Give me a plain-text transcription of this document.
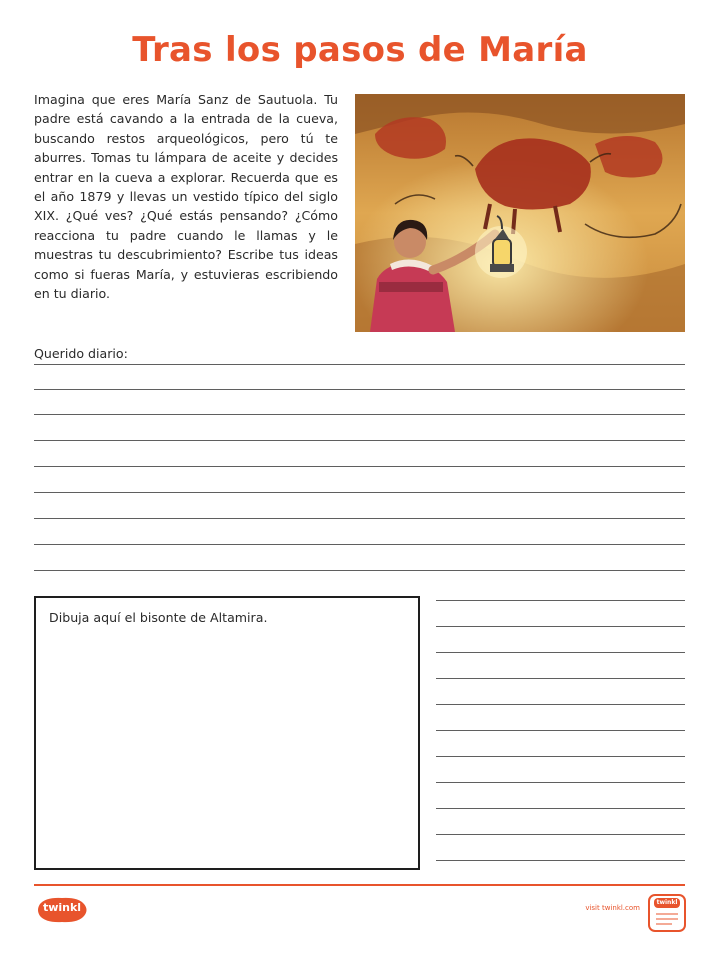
Tras los pasos de María
Imagina que eres María Sanz de Sautuola. Tu padre está cavando a la entrada de la cueva, buscando restos arqueológicos, pero tú te aburres. Tomas tu lámpara de aceite y decides entrar en la cueva a explorar. Recuerda que es el año 1879 y llevas un vestido típico del siglo XIX. ¿Qué ves? ¿Qué estás pensando? ¿Cómo reacciona tu padre cuando le llamas y le muestras tu descubrimiento? Escribe tus ideas como si fueras María, y estuvieras escribiendo en tu diario.
Querido diario:
Dibuja aquí el bisonte de Altamira.
twinkl	visit twinkl.com
twinkl
